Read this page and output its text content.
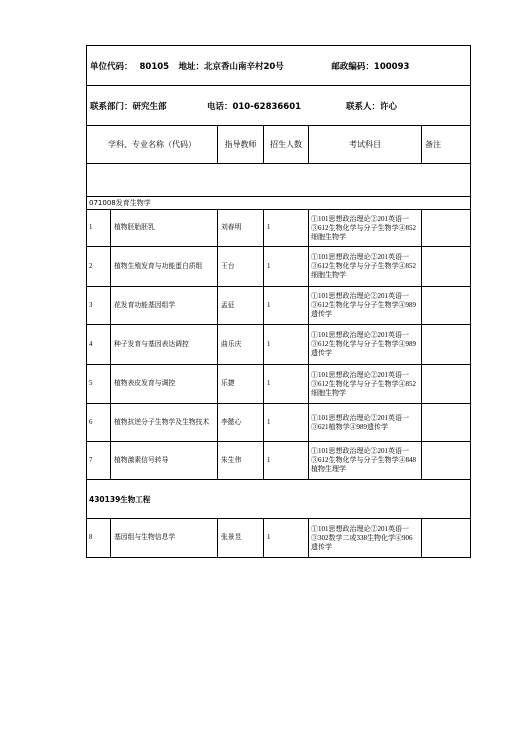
单位代码： 80105 地址：北京香山南辛村20号 邮政编码：100093					
联系部门：研究生部 电话：010-62836601 联系人：许心					
学科、专业名称（代码）		指导教师	招生人数	考试科目	备注

071008发育生物学					
1	植物胚胎胚乳	刘春明	1	①101思想政治理论②201英语一③612生物化学与分子生物学④852细胞生物学	
2	植物生殖发育与功能蛋白质组	王台	1	①101思想政治理论②201英语一③612生物化学与分子生物学④852细胞生物学	
3	花发育功能基因组学	孟征	1	①101思想政治理论②201英语一③612生物化学与分子生物学④989遗传学	
4	种子发育与基因表达调控	曲乐庆	1	①101思想政治理论②201英语一③612生物化学与分子生物学④989遗传学	
5	植物表皮发育与调控	乐捷	1	①101思想政治理论②201英语一③612生物化学与分子生物学④852细胞生物学	
6	植物抗逆分子生物学及生物技术	李懿心	1	①101思想政治理论②201英语一③621植物学④989遗传学	
7	植物激素信号转导	朱生伟	1	①101思想政治理论②201英语一③612生物化学与分子生物学④848植物生理学	
430139生物工程					
8	基因组与生物信息学	张景昱	1	①101思想政治理论②201英语一③302数学二或338生物化学④906遗传学	
